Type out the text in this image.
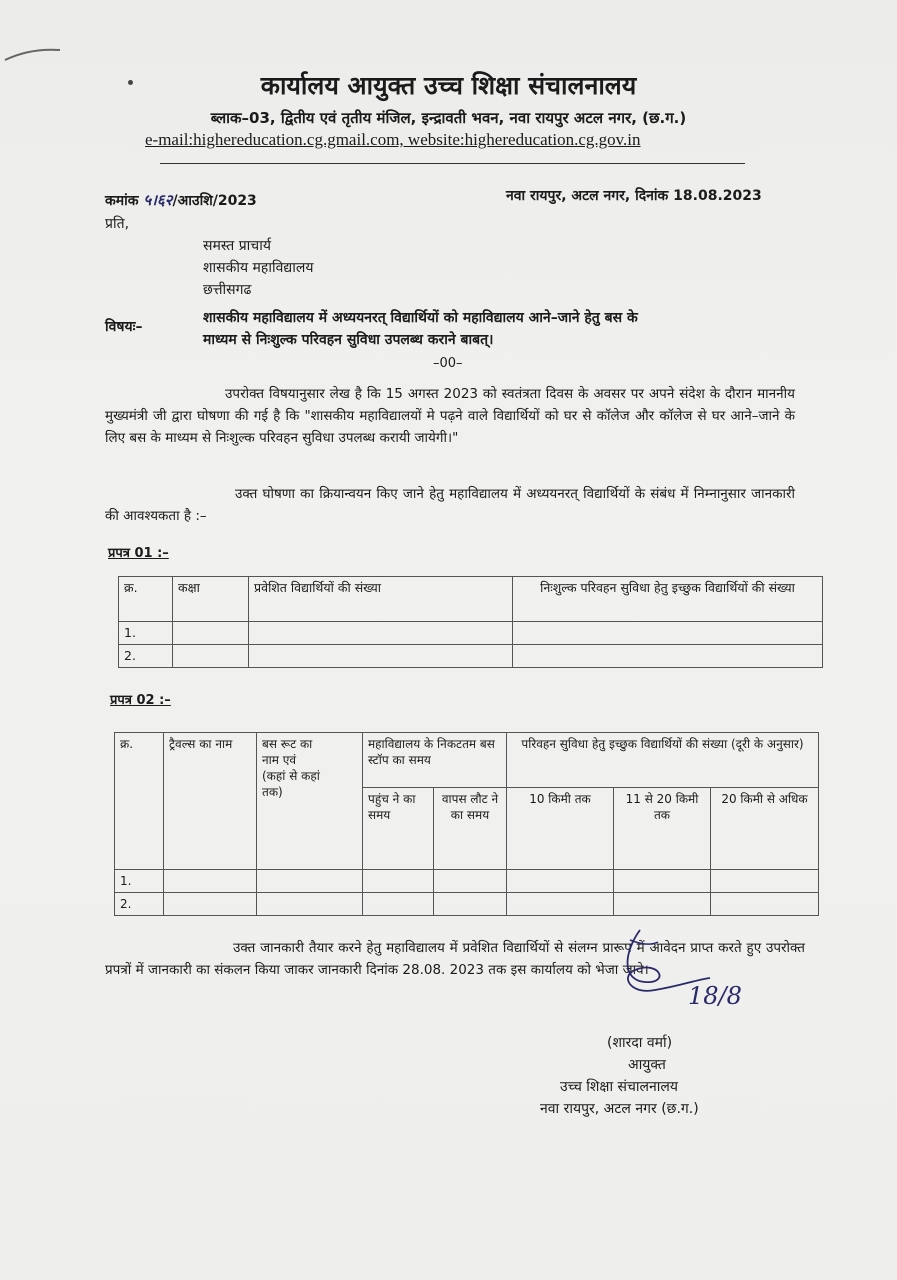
कार्यालय आयुक्त उच्च शिक्षा संचालनालय
ब्लाक–03, द्वितीय एवं तृतीय मंजिल, इन्द्रावती भवन, नवा रायपुर अटल नगर, (छ.ग.)
e-mail:highereducation.cg.gmail.com, website:highereducation.cg.gov.in
कमांक ५।६२/आउशि/2023	नवा रायपुर, अटल नगर, दिनांक 18.08.2023
प्रति,
समस्त प्राचार्य
शासकीय महाविद्यालय
छत्तीसगढ
विषयः–
शासकीय महाविद्यालय में अध्ययनरत् विद्यार्थियों को महाविद्यालय आने–जाने हेतु बस के
माध्यम से निःशुल्क परिवहन सुविधा उपलब्ध कराने बाबत्।
–00–
उपरोक्त विषयानुसार लेख है कि 15 अगस्त 2023 को स्वतंत्रता दिवस के अवसर पर अपने संदेश के दौरान माननीय मुख्यमंत्री जी द्वारा घोषणा की गई है कि "शासकीय महाविद्यालयों मे पढ़ने वाले विद्यार्थियों को घर से कॉलेज और कॉलेज से घर आने–जाने के लिए बस के माध्यम से निःशुल्क परिवहन सुविधा उपलब्ध करायी जायेगी।"
उक्त घोषणा का क्रियान्वयन किए जाने हेतु महाविद्यालय में अध्ययनरत् विद्यार्थियों के संबंध में निम्नानुसार जानकारी की आवश्यकता है :–
प्रपत्र 01 :–
क्र.	कक्षा	प्रवेशित विद्यार्थियों की संख्या	निःशुल्क परिवहन सुविधा हेतु इच्छुक विद्यार्थियों की संख्या
1.			
2.			
प्रपत्र 02 :–
क्र.	ट्रैवल्स का नाम	बस रूट का नाम एवं
(कहां से कहां तक)	महाविद्यालय के निकटतम बस स्टॉप का समय		परिवहन सुविधा हेतु इच्छुक विद्यार्थियों की संख्या (दूरी के अनुसार)		
			पहुंच ने का समय	वापस लौट ने का समय	10 किमी तक	11 से 20 किमी तक	20 किमी से अधिक
1.							
2.							
उक्त जानकारी तैयार करने हेतु महाविद्यालय में प्रवेशित विद्यार्थियों से संलग्न प्रारूप में आवेदन प्राप्त करते हुए उपरोक्त प्रपत्रों में जानकारी का संकलन किया जाकर जानकारी दिनांक 28.08. 2023 तक इस कार्यालय को भेजा जावे।
18/8
(शारदा वर्मा)
आयुक्त
उच्च शिक्षा संचालनालय
नवा रायपुर, अटल नगर (छ.ग.)
